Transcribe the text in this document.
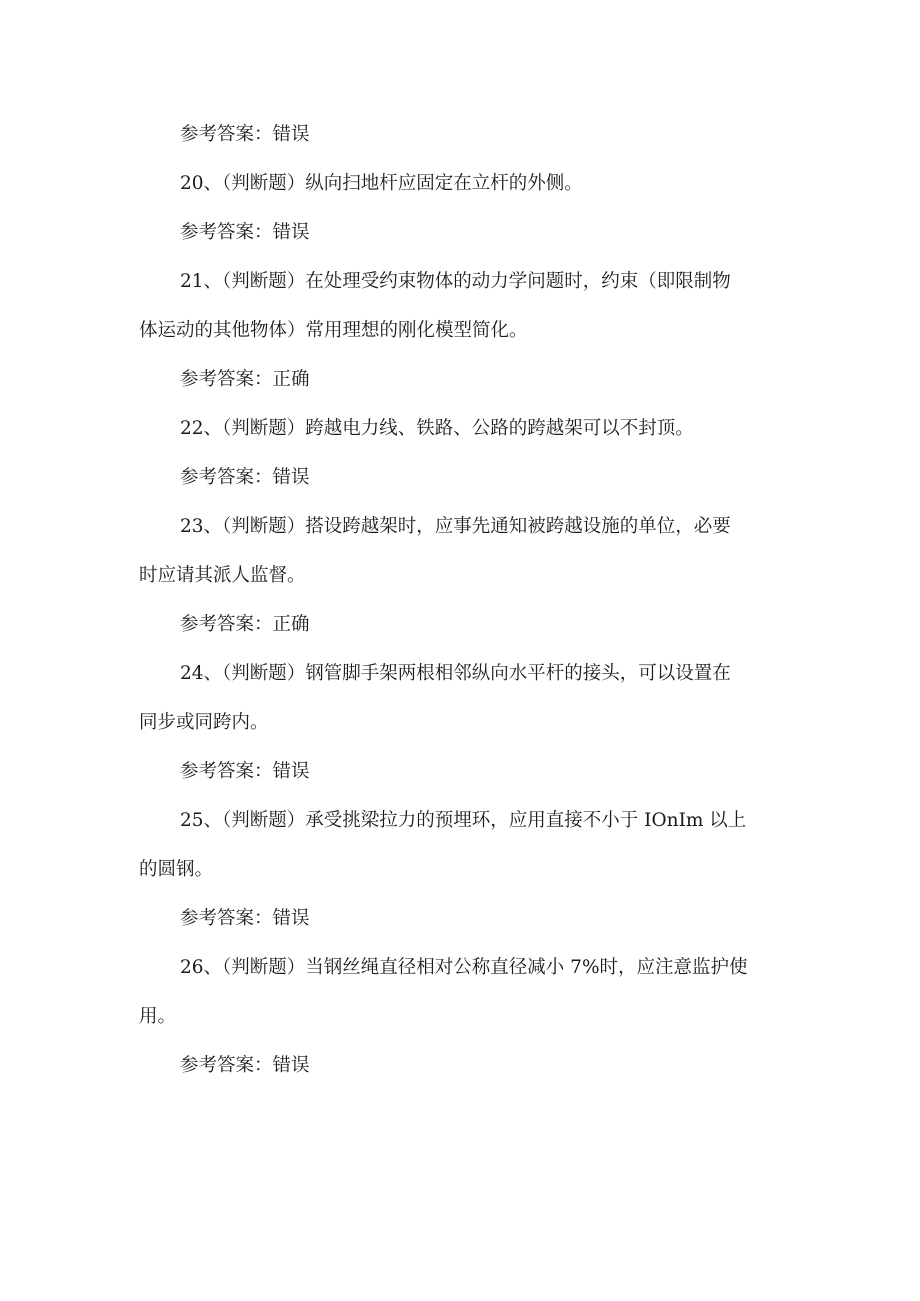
参考答案：错误

20、（判断题）纵向扫地杆应固定在立杆的外侧。

参考答案：错误

21、（判断题）在处理受约束物体的动力学问题时，约束（即限制物

体运动的其他物体）常用理想的刚化模型简化。

参考答案：正确

22、（判断题）跨越电力线、铁路、公路的跨越架可以不封顶。

参考答案：错误

23、（判断题）搭设跨越架时，应事先通知被跨越设施的单位，必要

时应请其派人监督。

参考答案：正确

24、（判断题）钢管脚手架两根相邻纵向水平杆的接头，可以设置在

同步或同跨内。

参考答案：错误

25、（判断题）承受挑梁拉力的预埋环，应用直接不小于 IOnIm 以上

的圆钢。

参考答案：错误

26、（判断题）当钢丝绳直径相对公称直径减小 7%时，应注意监护使

用。

参考答案：错误
